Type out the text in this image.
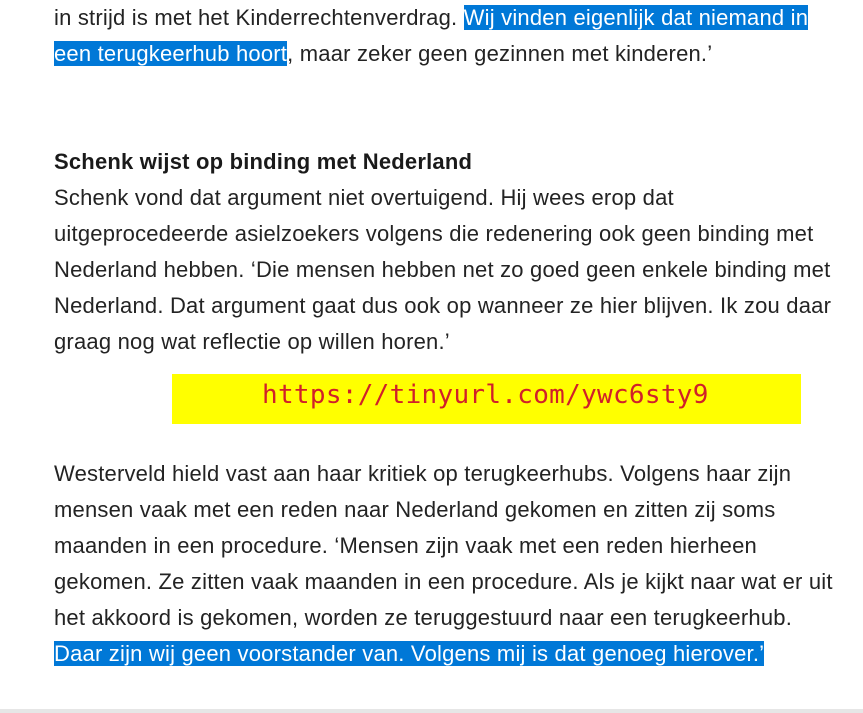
in strijd is met het Kinderrechtenverdrag. Wij vinden eigenlijk dat niemand in een terugkeerhub hoort, maar zeker geen gezinnen met kinderen.’

Schenk wijst op binding met Nederland
Schenk vond dat argument niet overtuigend. Hij wees erop dat uitgeprocedeerde asielzoekers volgens die redenering ook geen binding met Nederland hebben. ‘Die mensen hebben net zo goed geen enkele binding met Nederland. Dat argument gaat dus ook op wanneer ze hier blijven. Ik zou daar graag nog wat reflectie op willen horen.’
https://tinyurl.com/ywc6sty9

Westerveld hield vast aan haar kritiek op terugkeerhubs. Volgens haar zijn mensen vaak met een reden naar Nederland gekomen en zitten zij soms maanden in een procedure. ‘Mensen zijn vaak met een reden hierheen gekomen. Ze zitten vaak maanden in een procedure. Als je kijkt naar wat er uit het akkoord is gekomen, worden ze teruggestuurd naar een terugkeerhub. Daar zijn wij geen voorstander van. Volgens mij is dat genoeg hierover.’
